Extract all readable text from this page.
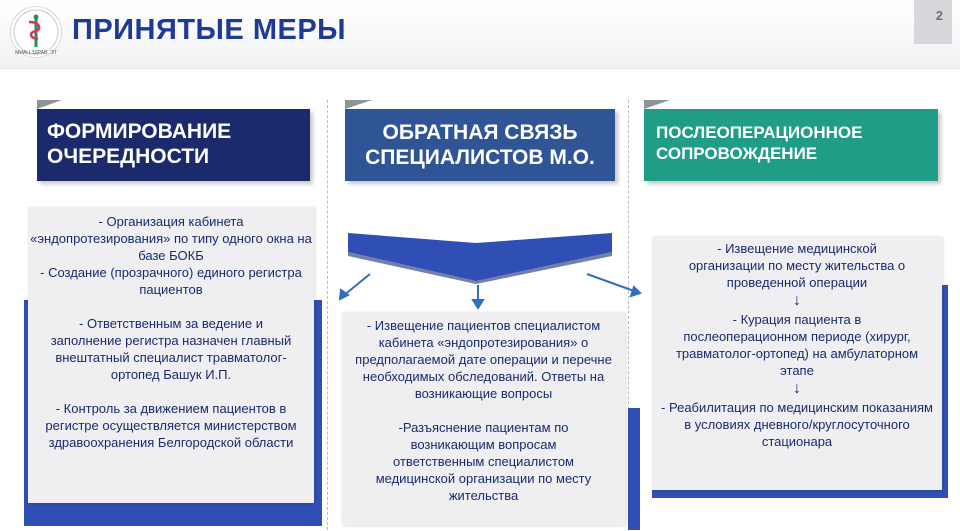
МИАЦ ЗДРАВ. ЭТ
ПРИНЯТЫЕ МЕРЫ	2
ФОРМИРОВАНИЕ
ОЧЕРЕДНОСТИ
ОБРАТНАЯ СВЯЗЬ
СПЕЦИАЛИСТОВ М.О.
ПОСЛЕОПЕРАЦИОННОЕ
СОПРОВОЖДЕНИЕ

- Организация кабинета «эндопротезирования» по типу одного окна на базе БОКБ

- Создание (прозрачного) единого регистра пациентов

- Ответственным за ведение и заполнение регистра назначен главный внештатный специалист травматолог-ортопед Башук И.П.

- Контроль за движением пациентов в регистре осуществляется министерством здравоохранения Белгородской области

- Извещение пациентов специалистом кабинета «эндопротезирования» о предполагаемой дате операции и перечне необходимых обследований. Ответы на возникающие вопросы

-Разъяснение пациентам по возникающим вопросам ответственным специалистом медицинской организации по месту жительства

- Извещение медицинской организации по месту жительства о проведенной операции

↓

- Курация пациента в послеоперационном периоде (хирург, травматолог-ортопед) на амбулаторном этапе

↓

- Реабилитация по медицинским показаниям в условиях дневного/круглосуточного стационара
